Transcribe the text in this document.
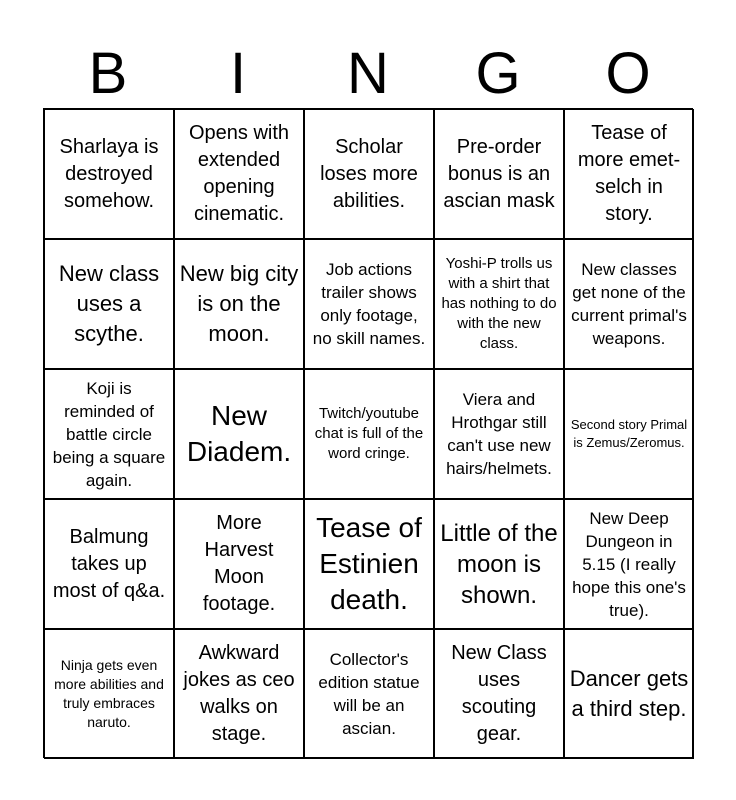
B	I	N	G	O
Sharlaya is destroyed somehow.
Opens with extended opening cinematic.
Scholar loses more abilities.
Pre-order bonus is an ascian mask
Tease of more emet-selch in story.
New class uses a scythe.
New big city is on the moon.
Job actions trailer shows only footage, no skill names.
Yoshi-P trolls us with a shirt that has nothing to do with the new class.
New classes get none of the current primal's weapons.
Koji is reminded of battle circle being a square again.
New Diadem.
Twitch/youtube chat is full of the word cringe.
Viera and Hrothgar still can't use new hairs/helmets.
Second story Primal is Zemus/Zeromus.
Balmung takes up most of q&a.
More Harvest Moon footage.
Tease of Estinien death.
Little of the moon is shown.
New Deep Dungeon in 5.15 (I really hope this one's true).
Ninja gets even more abilities and truly embraces naruto.
Awkward jokes as ceo walks on stage.
Collector's edition statue will be an ascian.
New Class uses scouting gear.
Dancer gets a third step.
